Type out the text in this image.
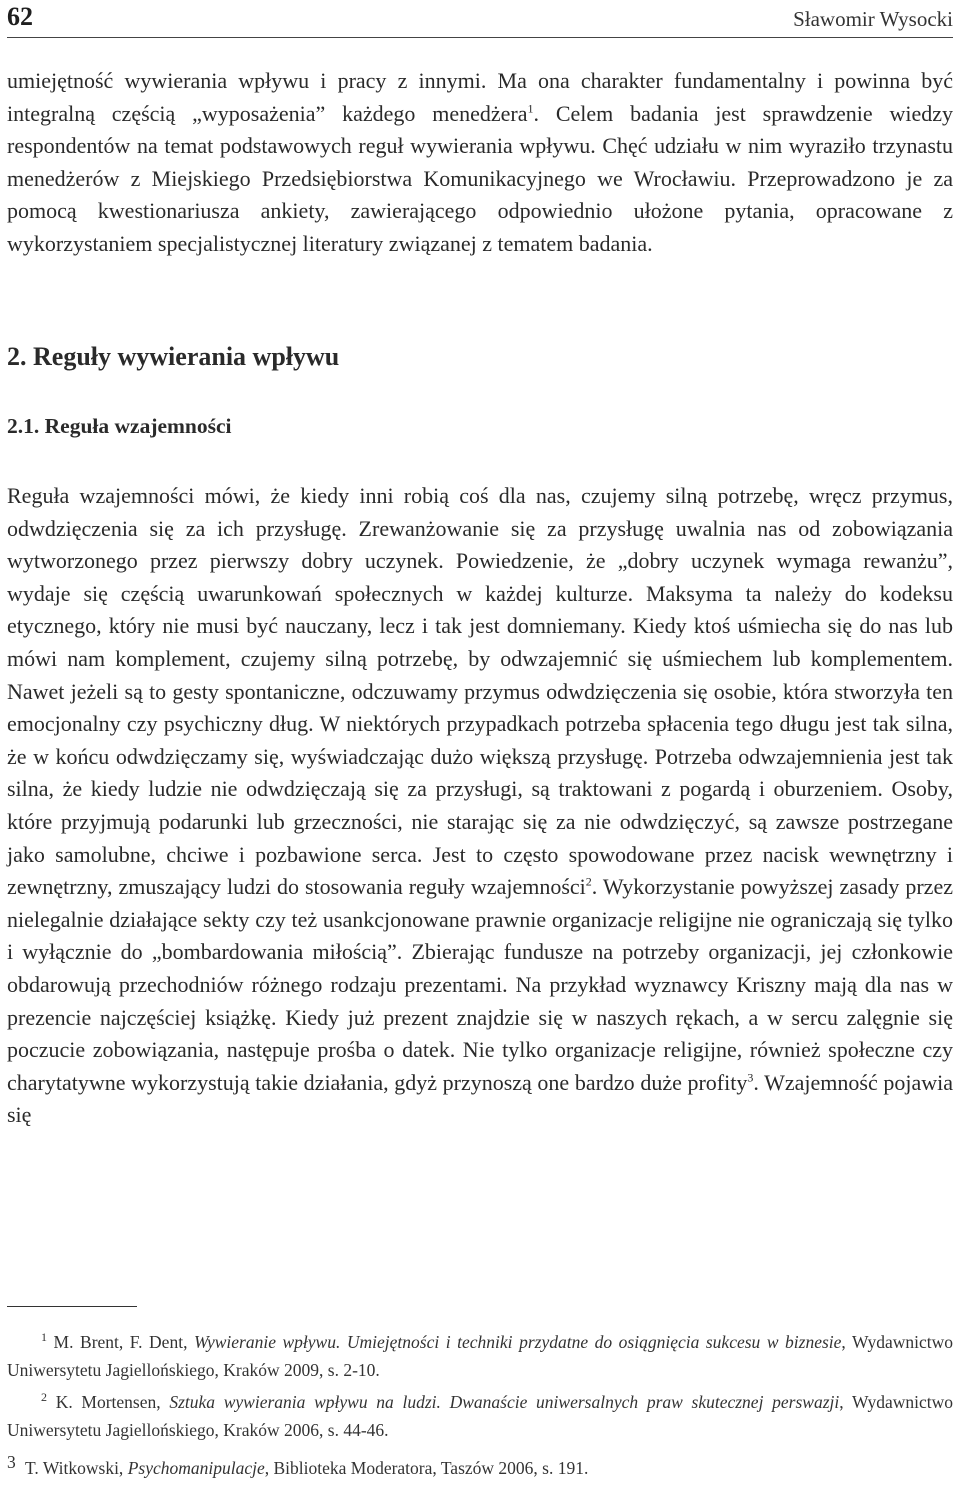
62	Sławomir Wysocki

umiejętność wywierania wpływu i pracy z innymi. Ma ona charakter fundamentalny i powinna być integralną częścią „wyposażenia” każdego menedżera$^1$. Celem badania jest sprawdzenie wiedzy respondentów na temat podstawowych reguł wywierania wpływu. Chęć udziału w nim wyraziło trzynastu menedżerów z Miejskiego Przedsiębiorstwa Komunikacyjnego we Wrocławiu. Przeprowadzono je za pomocą kwestionariusza ankiety, zawierającego odpowiednio ułożone pytania, opracowane z wykorzystaniem specjalistycznej literatury związanej z tematem badania.

2. Reguły wywierania wpływu
2.1. Reguła wzajemności

Reguła wzajemności mówi, że kiedy inni robią coś dla nas, czujemy silną potrzebę, wręcz przymus, odwdzięczenia się za ich przysługę. Zrewanżowanie się za przysługę uwalnia nas od zobowiązania wytworzonego przez pierwszy dobry uczynek. Powiedzenie, że „dobry uczynek wymaga rewanżu”, wydaje się częścią uwarunkowań społecznych w każdej kulturze. Maksyma ta należy do kodeksu etycznego, który nie musi być nauczany, lecz i tak jest domniemany. Kiedy ktoś uśmiecha się do nas lub mówi nam komplement, czujemy silną potrzebę, by odwzajemnić się uśmiechem lub komplementem. Nawet jeżeli są to gesty spontaniczne, odczuwamy przymus odwdzięczenia się osobie, która stworzyła ten emocjonalny czy psychiczny dług. W niektórych przypadkach potrzeba spłacenia tego długu jest tak silna, że w końcu odwdzięczamy się, wyświadczając dużo większą przysługę. Potrzeba odwzajemnienia jest tak silna, że kiedy ludzie nie odwdzięczają się za przysługi, są traktowani z pogardą i oburzeniem. Osoby, które przyjmują podarunki lub grzeczności, nie starając się za nie odwdzięczyć, są zawsze postrzegane jako samolubne, chciwe i pozbawione serca. Jest to często spowodowane przez nacisk wewnętrzny i zewnętrzny, zmuszający ludzi do stosowania reguły wzajemności$^2$. Wykorzystanie powyższej zasady przez nielegalnie działające sekty czy też usankcjonowane prawnie organizacje religijne nie ograniczają się tylko i wyłącznie do „bombardowania miłością”. Zbierając fundusze na potrzeby organizacji, jej członkowie obdarowują przechodniów różnego rodzaju prezentami. Na przykład wyznawcy Kriszny mają dla nas w prezencie najczęściej książkę. Kiedy już prezent znajdzie się w naszych rękach, a w sercu zalęgnie się poczucie zobowiązania, następuje prośba o datek. Nie tylko organizacje religijne, również społeczne czy charytatywne wykorzystują takie działania, gdyż przynoszą one bardzo duże profity$^3$. Wzajemność pojawia się

$^1$ M. Brent, F. Dent, Wywieranie wpływu. Umiejętności i techniki przydatne do osiągnięcia sukcesu w biznesie, Wydawnictwo Uniwersytetu Jagiellońskiego, Kraków 2009, s. 2-10.

$^2$ K. Mortensen, Sztuka wywierania wpływu na ludzi. Dwanaście uniwersalnych praw skutecznej perswazji, Wydawnictwo Uniwersytetu Jagiellońskiego, Kraków 2006, s. 44-46.

3 T. Witkowski, Psychomanipulacje, Biblioteka Moderatora, Taszów 2006, s. 191.
